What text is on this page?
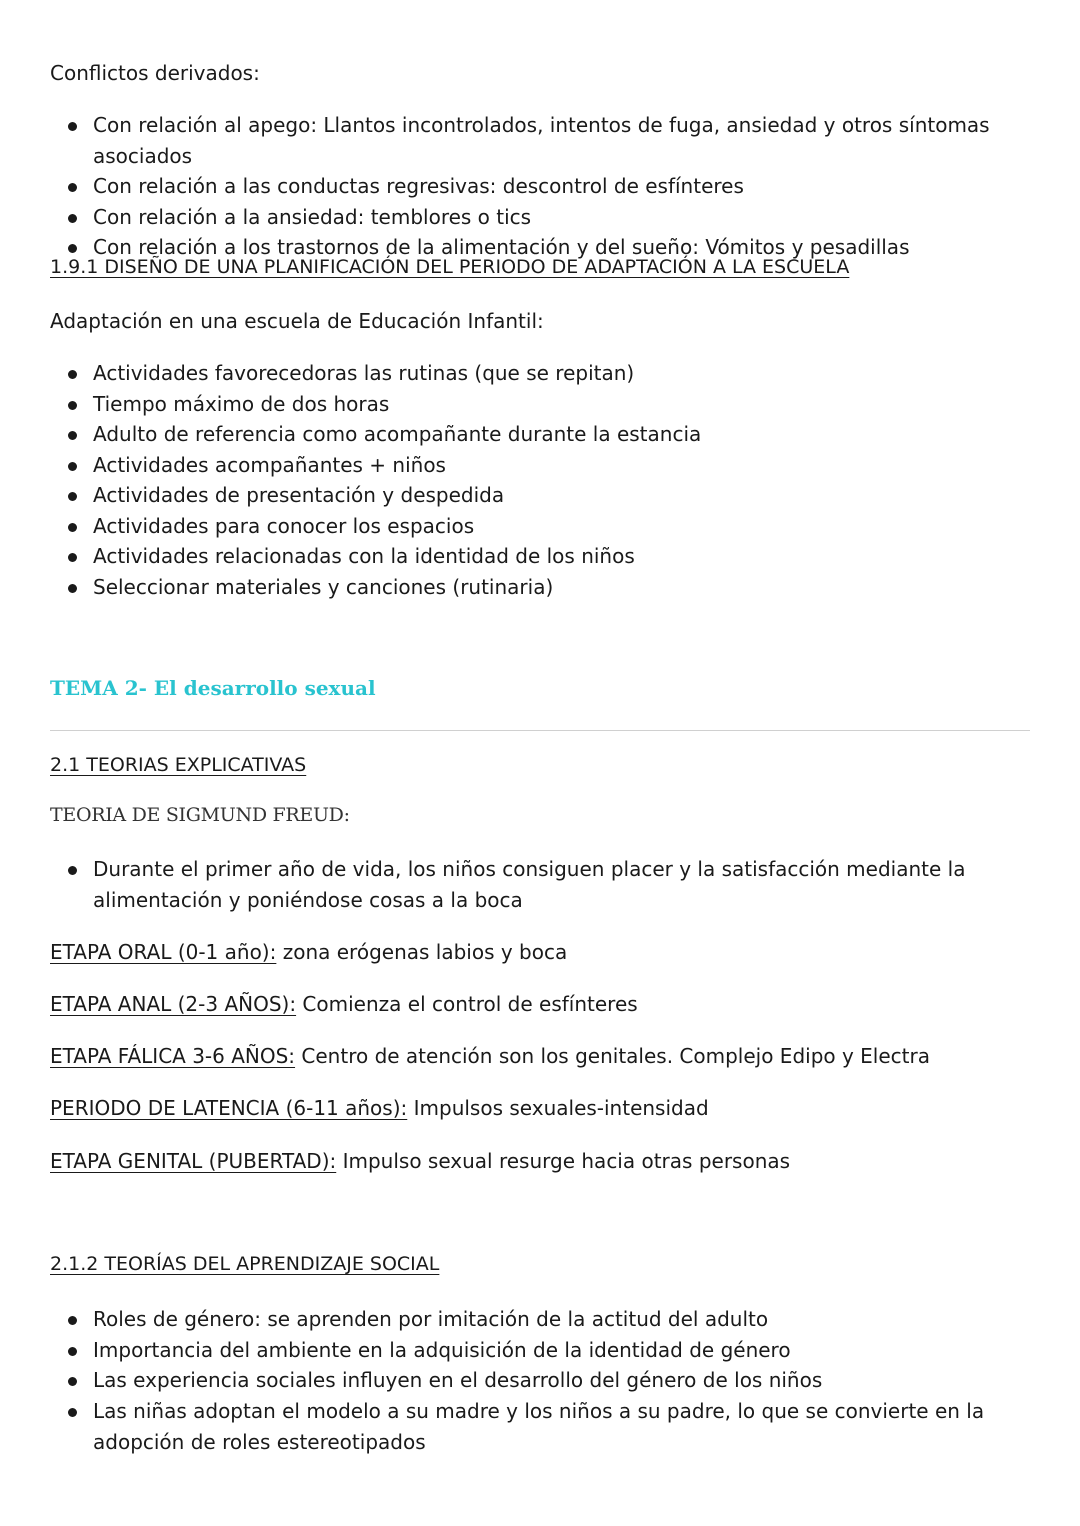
Conflictos derivados:
Con relación al apego: Llantos incontrolados, intentos de fuga, ansiedad y otros síntomas asociados
Con relación a las conductas regresivas: descontrol de esfínteres
Con relación a la ansiedad: temblores o tics
Con relación a los trastornos de la alimentación y del sueño: Vómitos y pesadillas
1.9.1 DISEÑO DE UNA PLANIFICACIÓN DEL PERIODO DE ADAPTACIÓN A LA ESCUELA
Adaptación en una escuela de Educación Infantil:
Actividades favorecedoras las rutinas (que se repitan)
Tiempo máximo de dos horas
Adulto de referencia como acompañante durante la estancia
Actividades acompañantes + niños
Actividades de presentación y despedida
Actividades para conocer los espacios
Actividades relacionadas con la identidad de los niños
Seleccionar materiales y canciones (rutinaria)
TEMA 2- El desarrollo sexual
2.1 TEORIAS EXPLICATIVAS
TEORIA DE SIGMUND FREUD:
Durante el primer año de vida, los niños consiguen placer y la satisfacción mediante la alimentación y poniéndose cosas a la boca
ETAPA ORAL (0-1 año): zona erógenas labios y boca
ETAPA ANAL (2-3 AÑOS): Comienza el control de esfínteres
ETAPA FÁLICA 3-6 AÑOS: Centro de atención son los genitales. Complejo Edipo y Electra
PERIODO DE LATENCIA (6-11 años): Impulsos sexuales-intensidad
ETAPA GENITAL (PUBERTAD): Impulso sexual resurge hacia otras personas
2.1.2 TEORÍAS DEL APRENDIZAJE SOCIAL
Roles de género: se aprenden por imitación de la actitud del adulto
Importancia del ambiente en la adquisición de la identidad de género
Las experiencia sociales influyen en el desarrollo del género de los niños
Las niñas adoptan el modelo a su madre y los niños a su padre, lo que se convierte en la adopción de roles estereotipados
